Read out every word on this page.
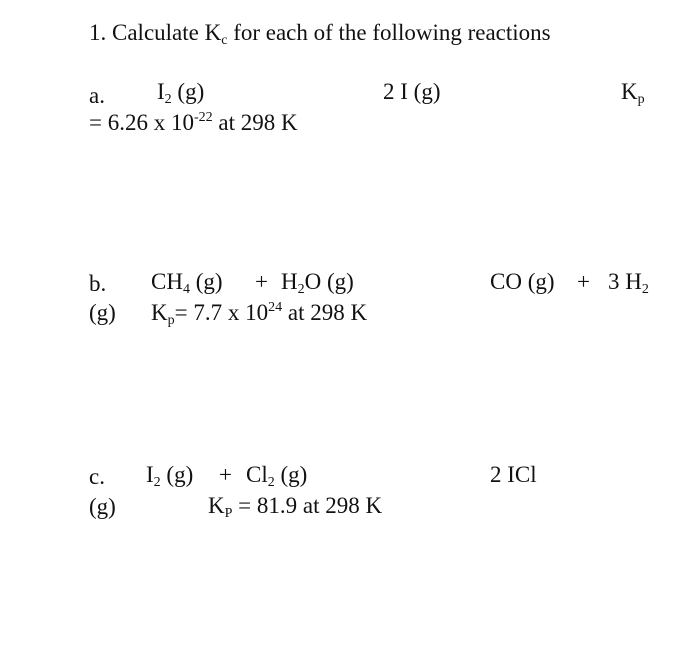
1. Calculate $K_c$ for each of the following reactions
a. $I_2$ (g)	2 I (g)	$K_p$
= 6.26 x $10^{-22}$ at 298 K
b. $CH_4$ $(g) + H_2O$ (g)	CO (g) + 3 $H_2$
(g) $K_p= 7.7$ x $10^{24}$ at 298 K
c. $I_2$ $(g) + Cl_2$ (g)	2 ICl
(g)	$K_P = 81.9$ at 298 K
